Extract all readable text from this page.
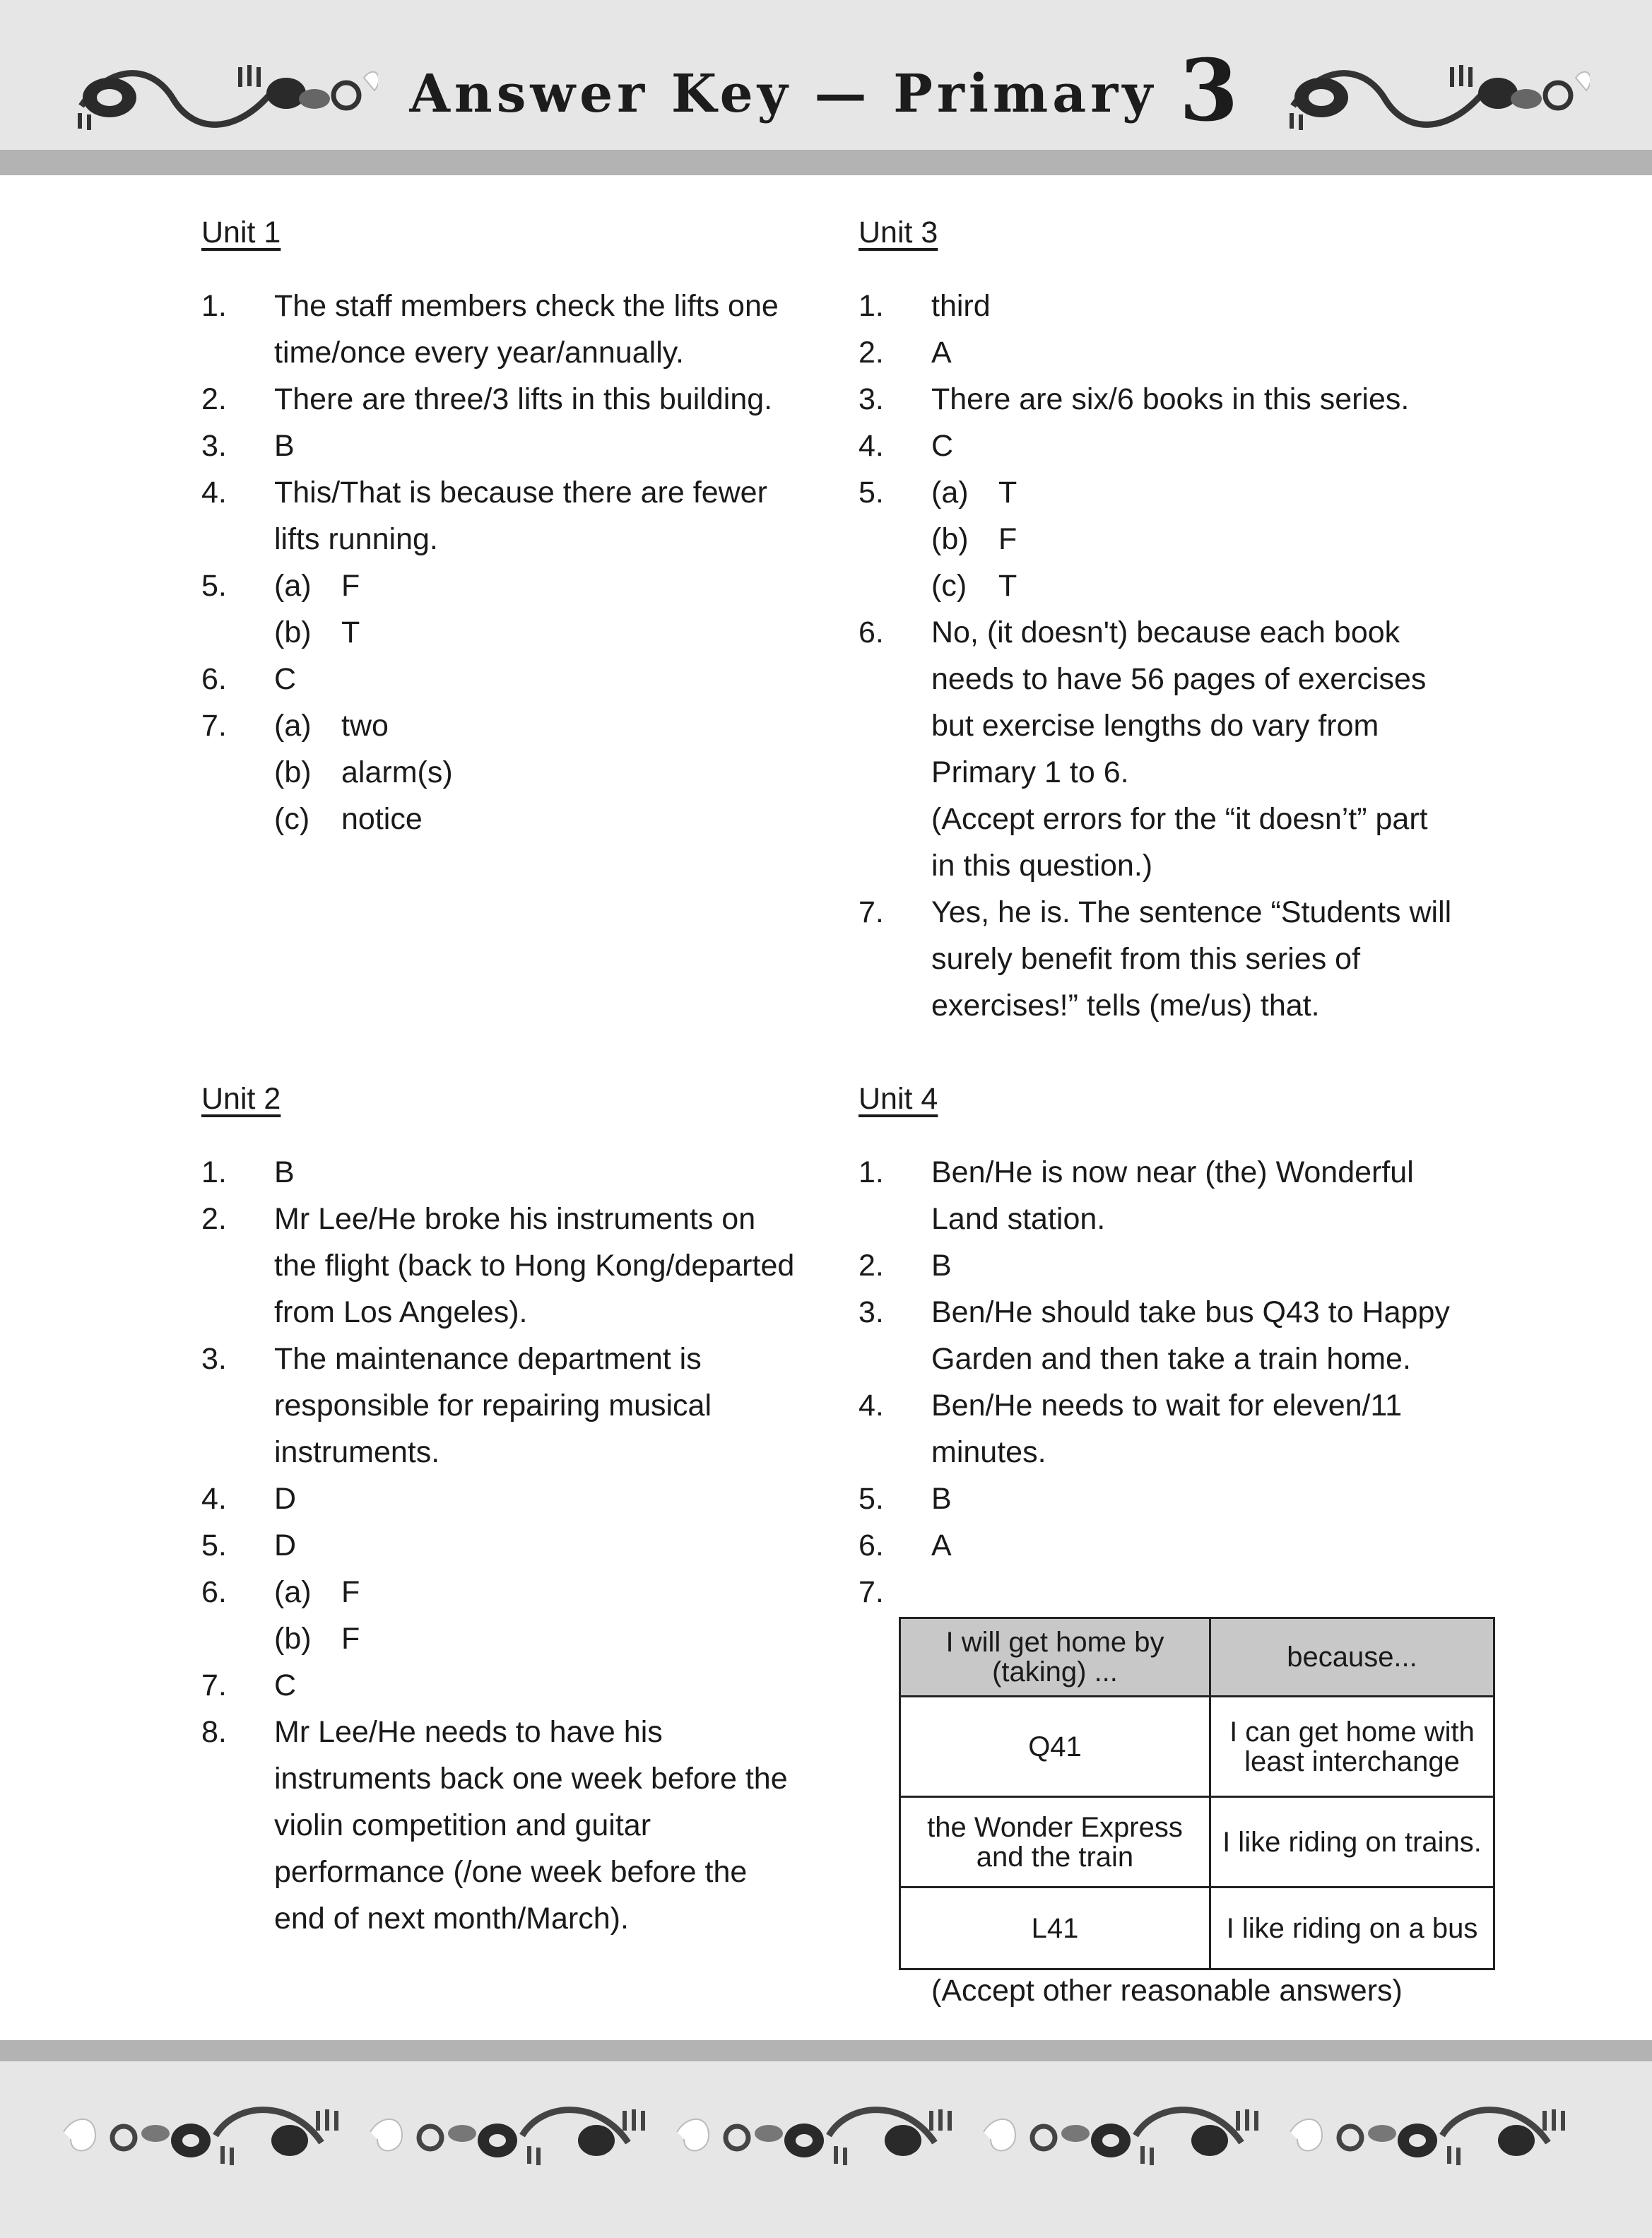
Answer Key — Primary 3
Unit 1
1. The staff members check the lifts one time/once every year/annually.
2. There are three/3 lifts in this building.
3. B
4. This/That is because there are fewer lifts running.
5. (a) F
(b) T
6. C
7. (a) two
(b) alarm(s)
(c) notice
Unit 3
1. third
2. A
3. There are six/6 books in this series.
4. C
5. (a) T
(b) F
(c) T
6. No, (it doesn't) because each book needs to have 56 pages of exercises but exercise lengths do vary from Primary 1 to 6.
(Accept errors for the “it doesn’t” part in this question.)
7. Yes, he is. The sentence “Students will surely benefit from this series of exercises!” tells (me/us) that.
Unit 2
1. B
2. Mr Lee/He broke his instruments on the flight (back to Hong Kong/departed from Los Angeles).
3. The maintenance department is responsible for repairing musical instruments.
4. D
5. D
6. (a) F
(b) F
7. C
8. Mr Lee/He needs to have his instruments back one week before the violin competition and guitar performance (/one week before the end of next month/March).
Unit 4
1. Ben/He is now near (the) Wonderful Land station.
2. B
3. Ben/He should take bus Q43 to Happy Garden and then take a train home.
4. Ben/He needs to wait for eleven/11 minutes.
5. B
6. A
7.

I will get home by (taking) ...	because...
Q41	I can get home with least interchange
the Wonder Express and the train	I like riding on trains.
L41	I like riding on a bus
(Accept other reasonable answers)
